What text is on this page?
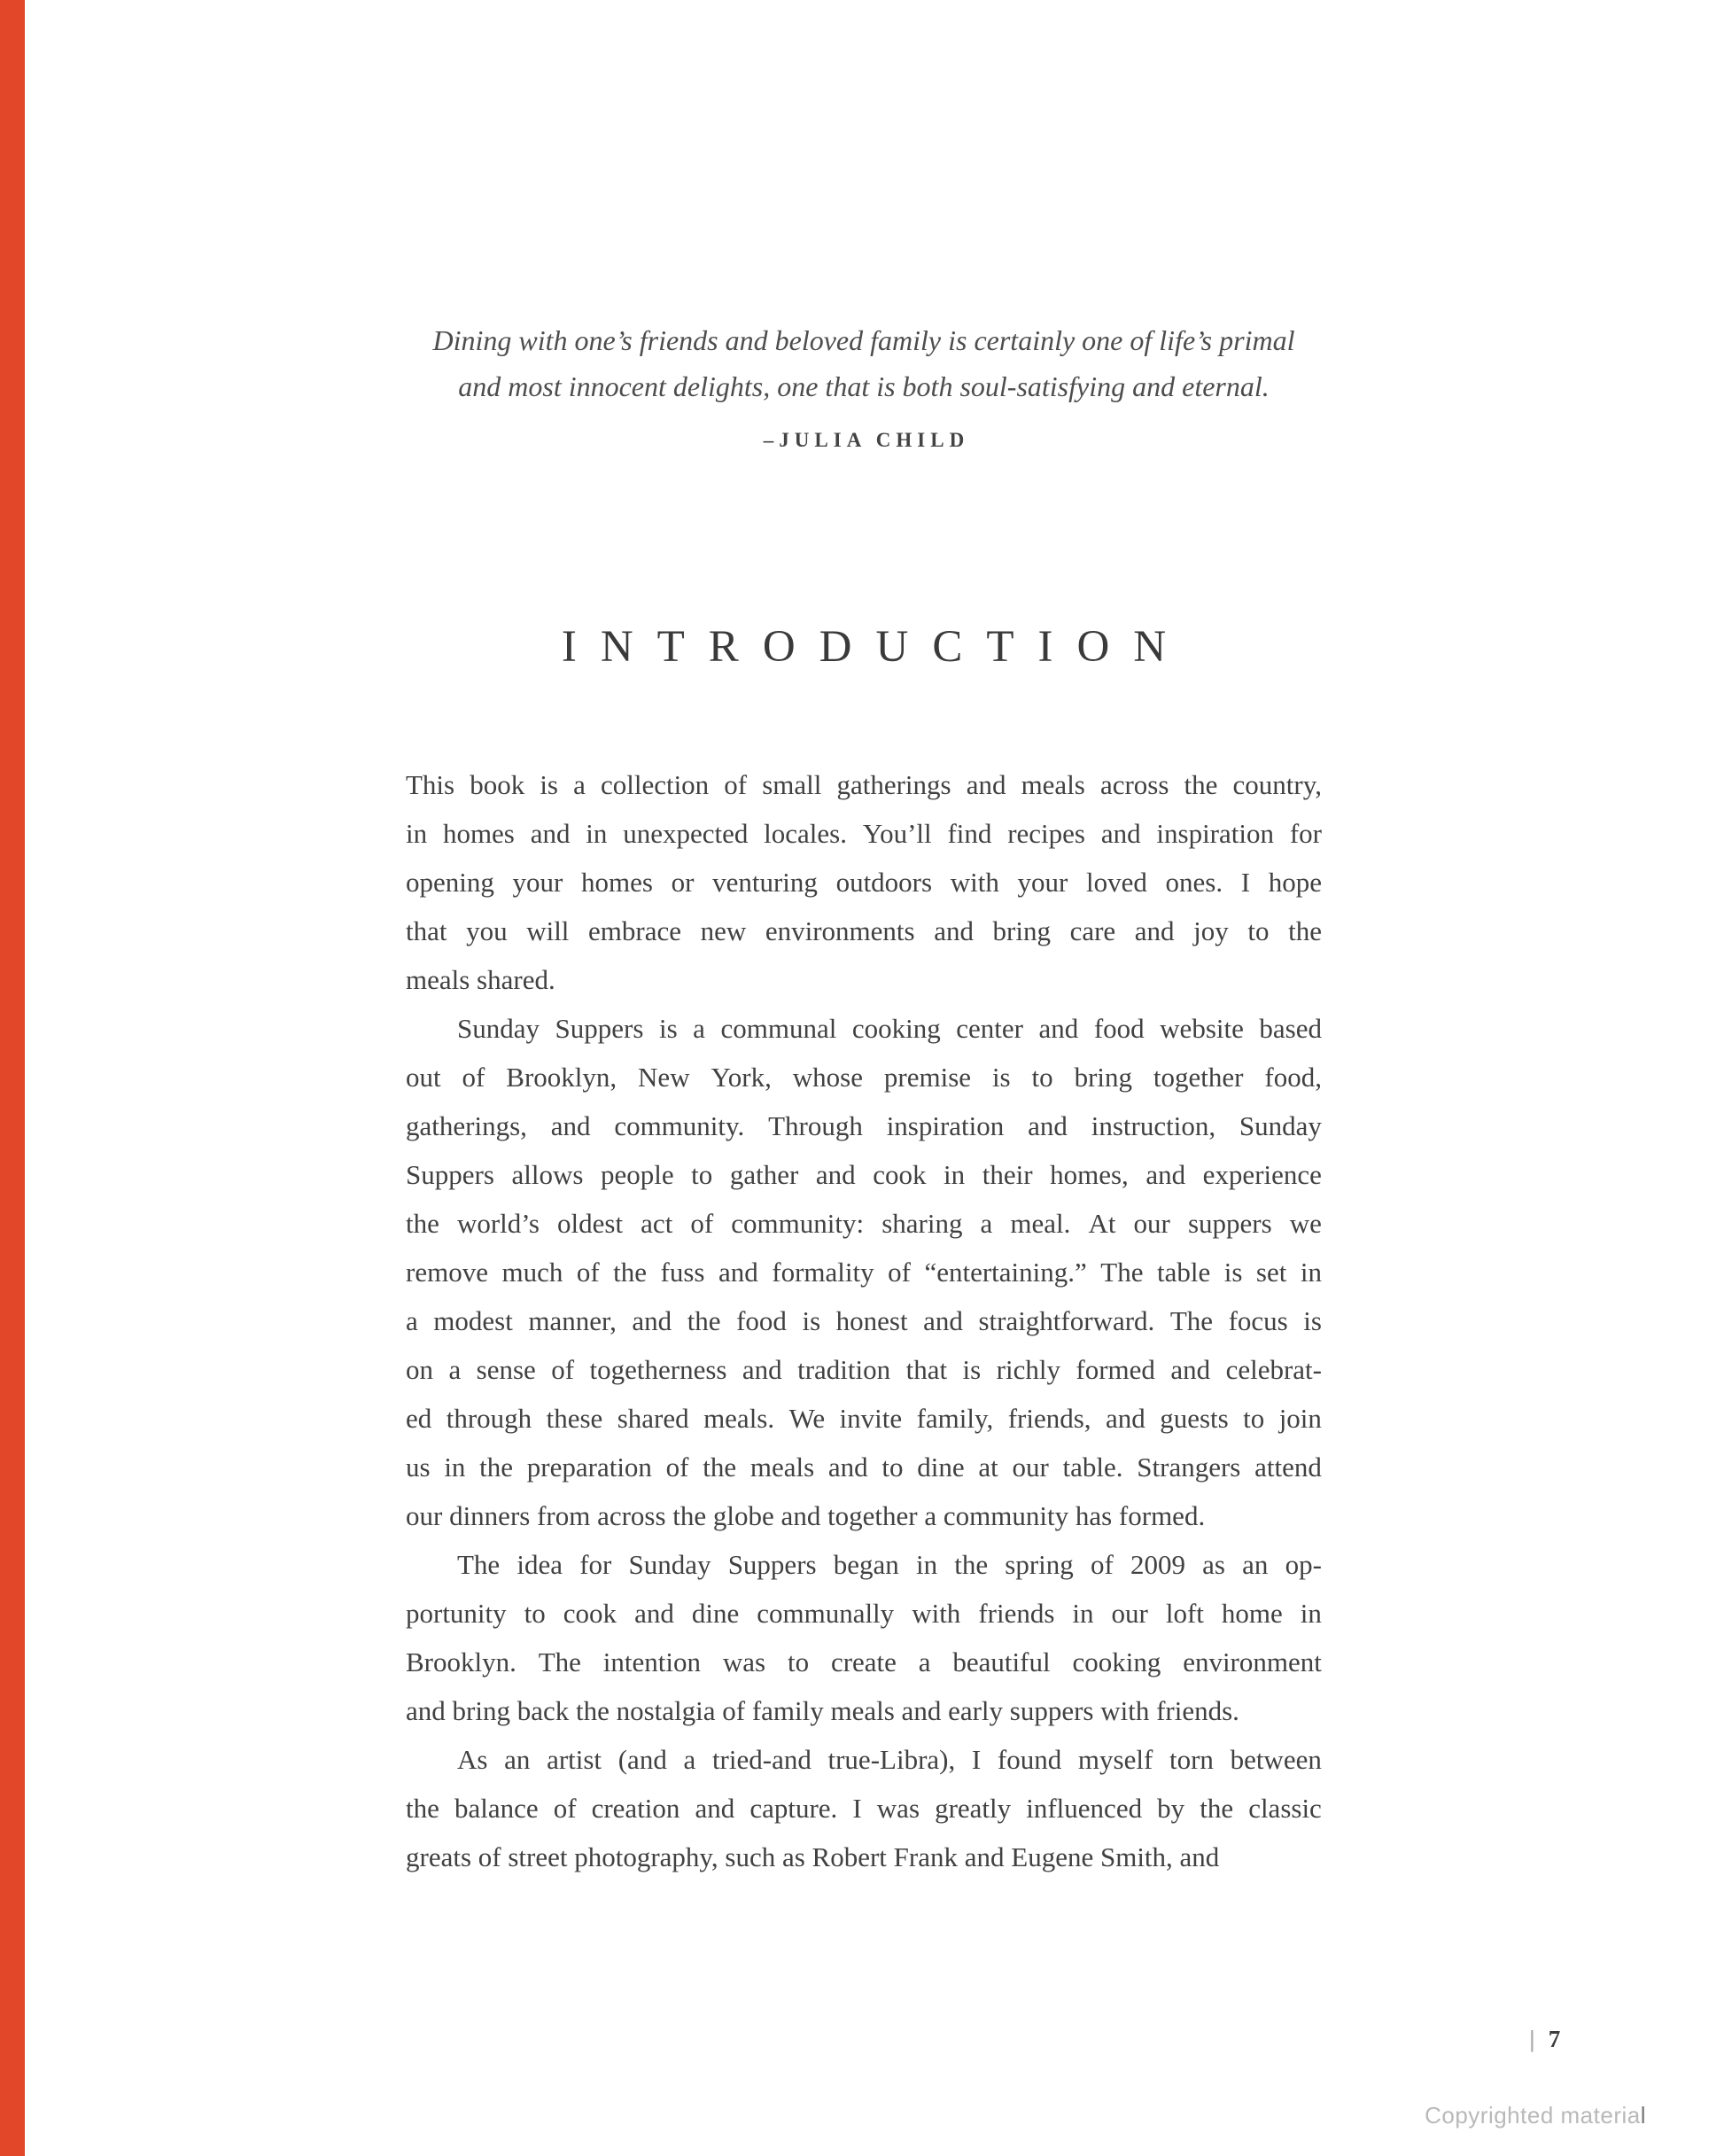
Dining with one’s friends and beloved family is certainly one of life’s primal
and most innocent delights, one that is both soul-satisfying and eternal.
–JULIA CHILD
INTRODUCTION
This book is a collection of small gatherings and meals across the country,
in homes and in unexpected locales. You’ll find recipes and inspiration for
opening your homes or venturing outdoors with your loved ones. I hope
that you will embrace new environments and bring care and joy to the
meals shared.
Sunday Suppers is a communal cooking center and food website based
out of Brooklyn, New York, whose premise is to bring together food,
gatherings, and community. Through inspiration and instruction, Sunday
Suppers allows people to gather and cook in their homes, and experience
the world’s oldest act of community: sharing a meal. At our suppers we
remove much of the fuss and formality of “entertaining.” The table is set in
a modest manner, and the food is honest and straightforward. The focus is
on a sense of togetherness and tradition that is richly formed and celebrat-
ed through these shared meals. We invite family, friends, and guests to join
us in the preparation of the meals and to dine at our table. Strangers attend
our dinners from across the globe and together a community has formed.
The idea for Sunday Suppers began in the spring of 2009 as an op-
portunity to cook and dine communally with friends in our loft home in
Brooklyn. The intention was to create a beautiful cooking environment
and bring back the nostalgia of family meals and early suppers with friends.
As an artist (and a tried-and true-Libra), I found myself torn between
the balance of creation and capture. I was greatly influenced by the classic
greats of street photography, such as Robert Frank and Eugene Smith, and
| 7
Copyrighted material
